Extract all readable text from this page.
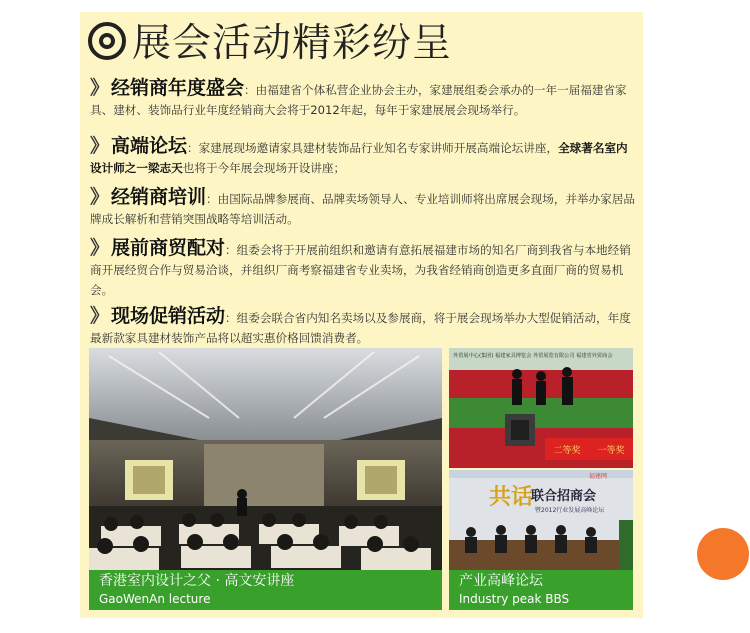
展会活动精彩纷呈

》 经销商年度盛会：由福建省个体私营企业协会主办，家建展组委会承办的一年一届福建省家具、建材、装饰品行业年度经销商大会将于2012年起，每年于家建展展会现场举行。

》 高端论坛：家建展现场邀请家具建材装饰品行业知名专家讲师开展高端论坛讲座，全球著名室内设计师之一梁志天也将于今年展会现场开设讲座；

》 经销商培训：由国际品牌参展商、品牌卖场领导人、专业培训师将出席展会现场，并举办家居品牌成长解析和营销突围战略等培训活动。

》 展前商贸配对：组委会将于开展前组织和邀请有意拓展福建市场的知名厂商到我省与本地经销商开展经贸合作与贸易洽谈，并组织厂商考察福建省专业卖场，为我省经销商创造更多直面厂商的贸易机会。

》 现场促销活动：组委会联合省内知名卖场以及参展商，将于展会现场举办大型促销活动，年度最新款家具建材装饰产品将以超实惠价格回馈消费者。

香港室内设计之父 · 高文安讲座
GaoWenAn lecture
外贸展中心(集团) 福建家具博览会 外贸展览有限公司 福建省外贸商会
二等奖 一等奖
福建网
共话
联合招商会
暨2012行业发展高峰论坛
产业高峰论坛
Industry peak BBS
